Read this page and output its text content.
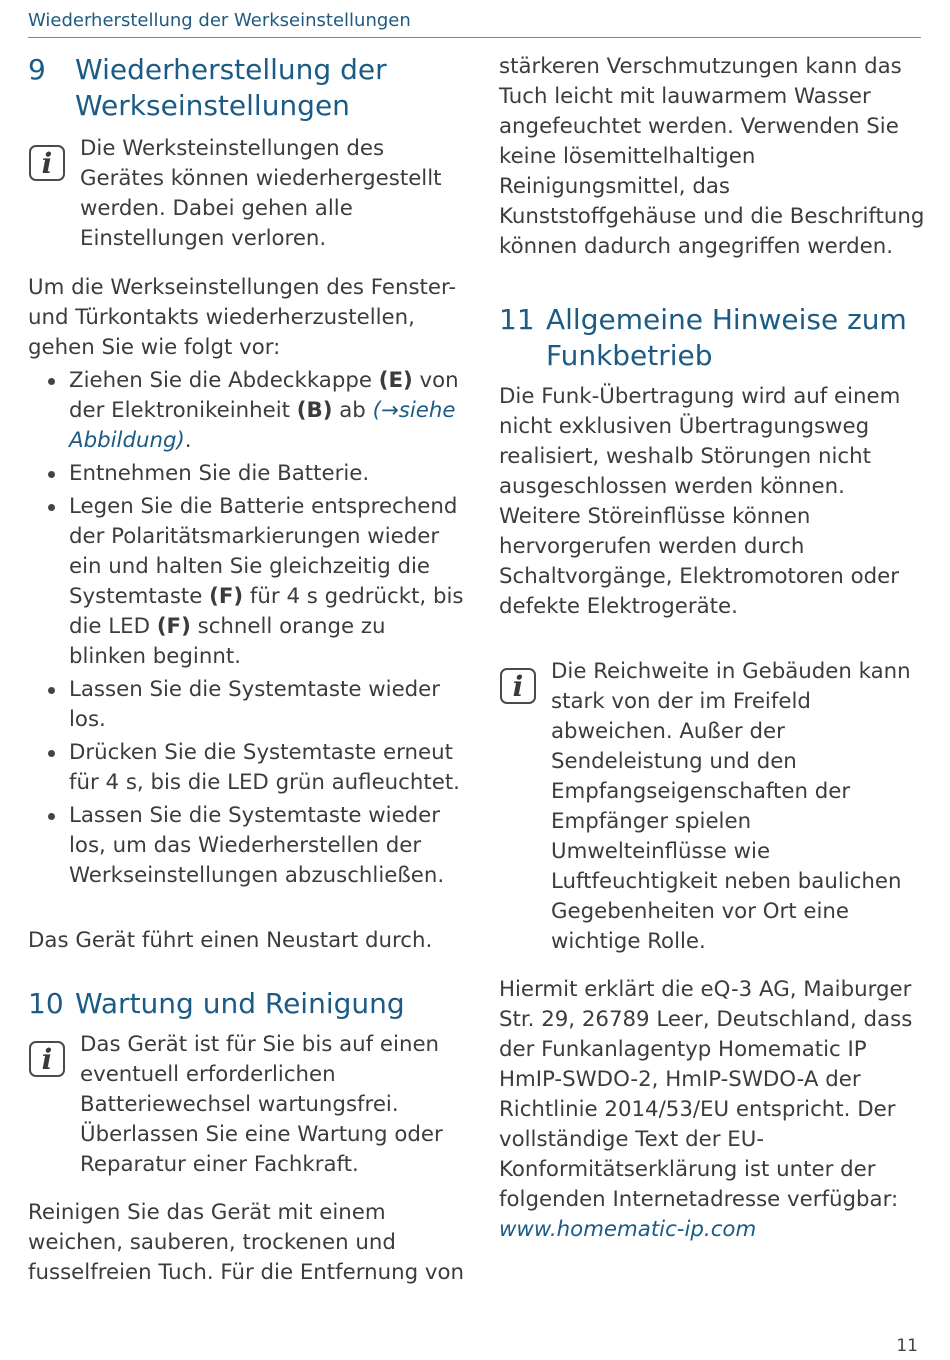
Wiederherstellung der Werkseinstellungen
9	Wiederherstellung der
Werkseinstellungen
i	Die Werksteinstellungen des Gerätes können wiederhergestellt werden. Dabei gehen alle Einstellungen verloren.

Um die Werkseinstellungen des Fenster- und Türkontakts wiederherzustellen, gehen Sie wie folgt vor:

Ziehen Sie die Abdeckkappe (E) von der Elektronikeinheit (B) ab (→siehe Abbildung).
Entnehmen Sie die Batterie.
Legen Sie die Batterie entsprechend der Polaritätsmarkierungen wieder ein und halten Sie gleichzeitig die Systemtaste (F) für 4 s gedrückt, bis die LED (F) schnell orange zu blinken beginnt.
Lassen Sie die Systemtaste wieder los.
Drücken Sie die Systemtaste erneut für 4 s, bis die LED grün aufleuchtet.
Lassen Sie die Systemtaste wieder los, um das Wiederherstellen der Werkseinstellungen abzuschließen.

Das Gerät führt einen Neustart durch.

10 Wartung und Reinigung
i	Das Gerät ist für Sie bis auf einen eventuell erforderlichen Batteriewechsel wartungsfrei. Überlassen Sie eine Wartung oder Reparatur einer Fachkraft.

Reinigen Sie das Gerät mit einem weichen, sauberen, trockenen und fusselfreien Tuch. Für die Entfernung von

stärkeren Verschmutzungen kann das Tuch leicht mit lauwarmem Wasser angefeuchtet werden. Verwenden Sie keine lösemittelhaltigen Reinigungsmittel, das Kunststoffgehäuse und die Beschriftung können dadurch angegriffen werden.

11 Allgemeine Hinweise zum
Funkbetrieb

Die Funk-Übertragung wird auf einem nicht exklusiven Übertragungsweg realisiert, weshalb Störungen nicht ausgeschlossen werden können. Weitere Störeinflüsse können hervorgerufen werden durch Schaltvorgänge, Elektromotoren oder defekte Elektrogeräte.

i	Die Reichweite in Gebäuden kann stark von der im Freifeld abweichen. Außer der Sendeleistung und den Empfangseigenschaften der Empfänger spielen Umwelteinflüsse wie Luftfeuchtigkeit neben baulichen Gegebenheiten vor Ort eine wichtige Rolle.

Hiermit erklärt die eQ-3 AG, Maiburger Str. 29, 26789 Leer, Deutschland, dass der Funkanlagentyp Homematic IP HmIP-SWDO-2, HmIP-SWDO-A der Richtlinie 2014/53/EU entspricht. Der vollständige Text der EU-Konformitätserklärung ist unter der folgenden Internetadresse verfügbar: www.homematic-ip.com

11
